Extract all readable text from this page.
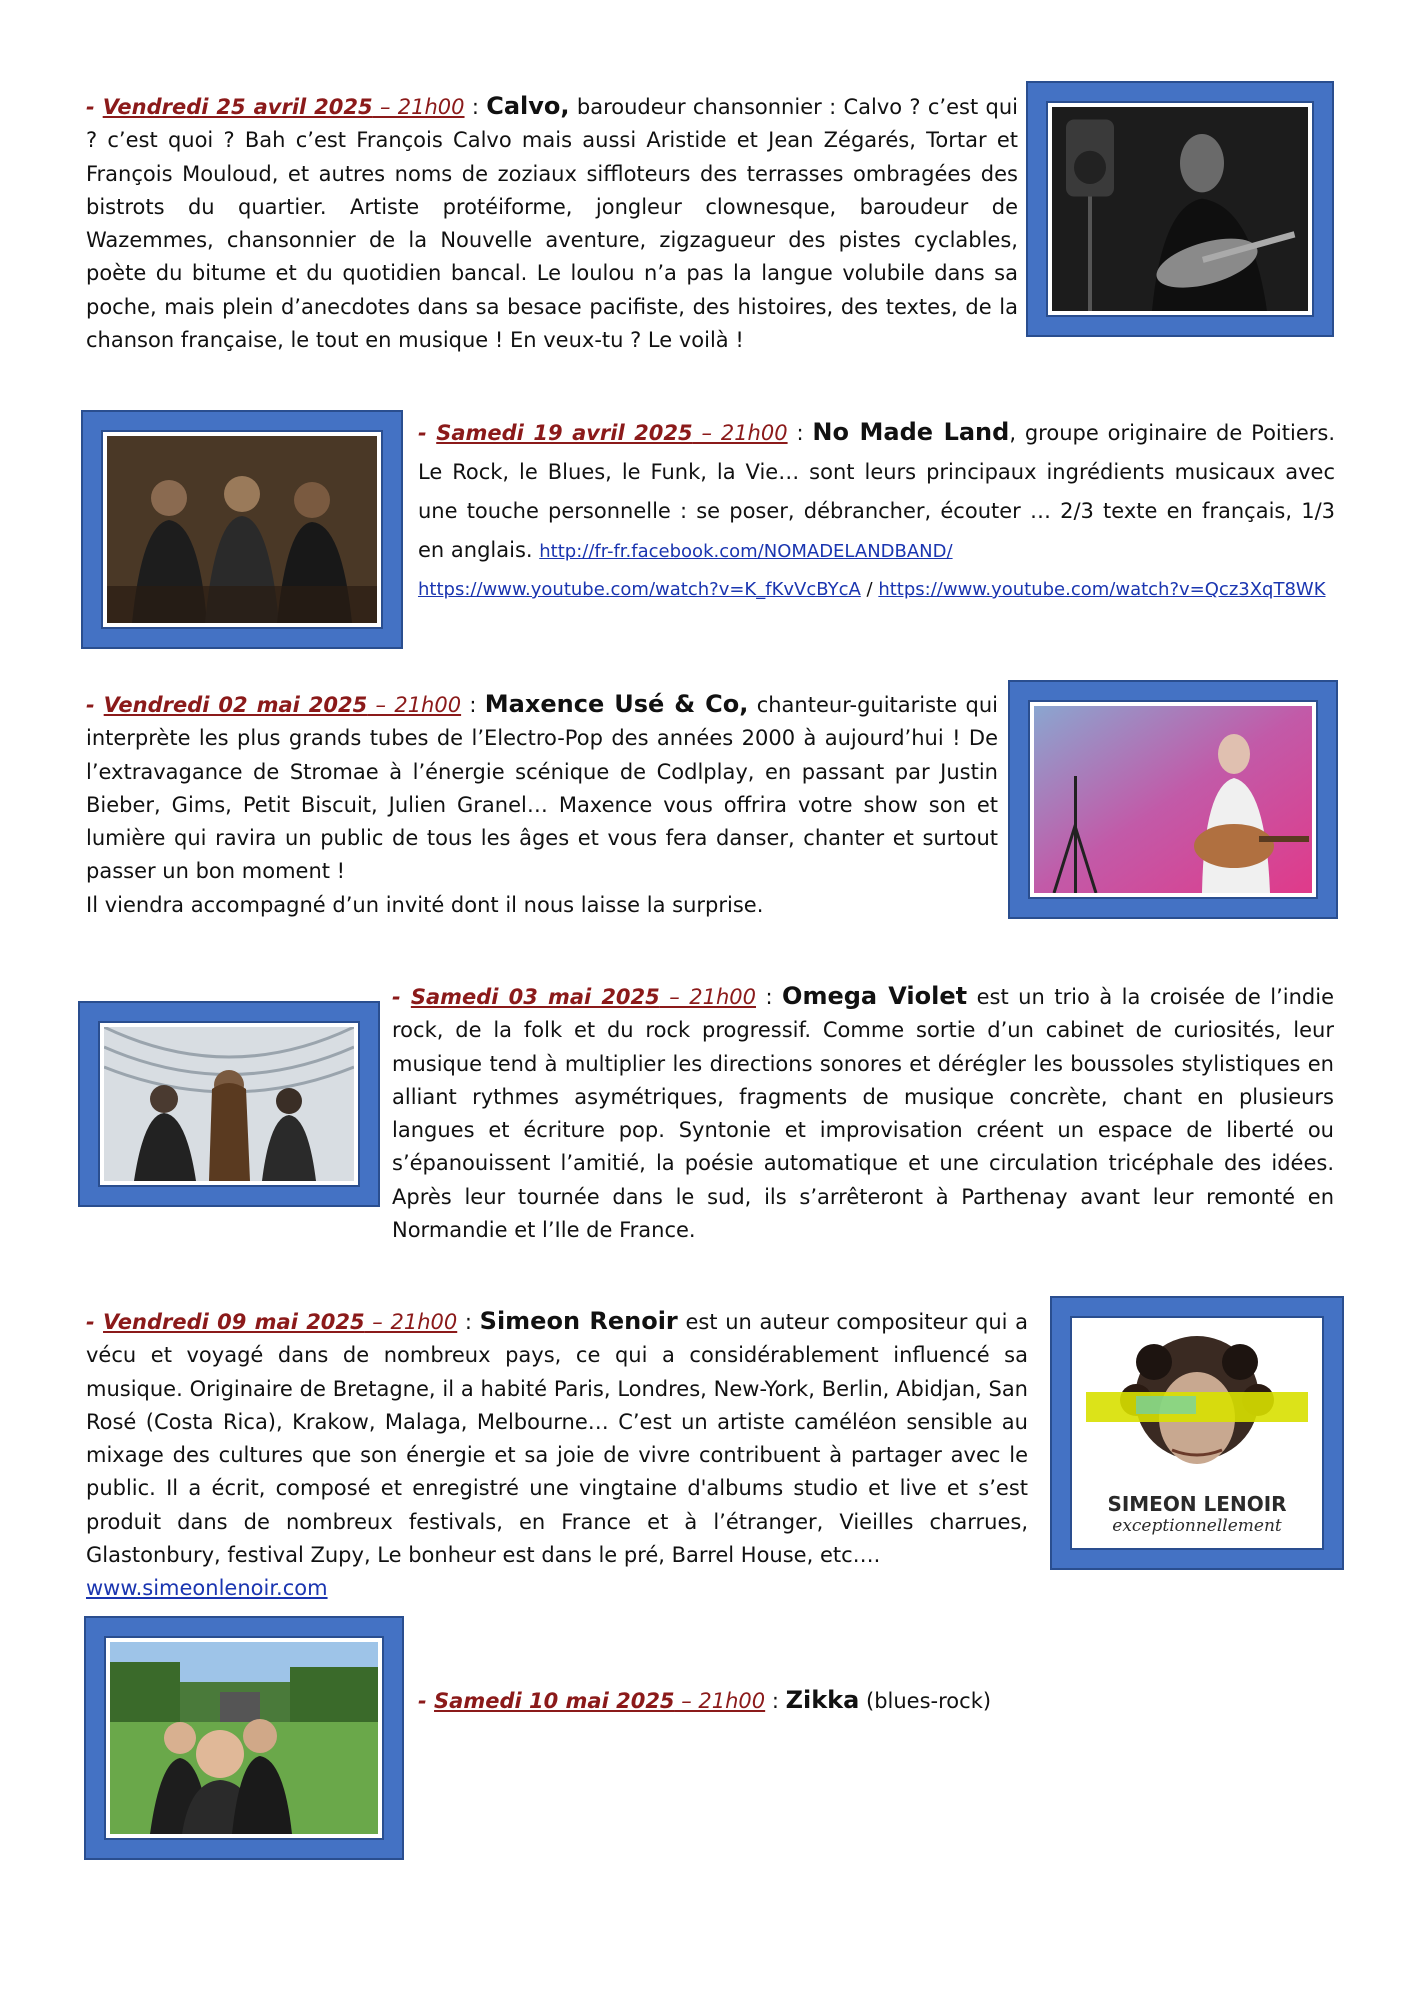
- Vendredi 25 avril 2025 – 21h00 : Calvo, baroudeur chansonnier : Calvo ? c’est qui ? c’est quoi ? Bah c’est François Calvo mais aussi Aristide et Jean Zégarés, Tortar et François Mouloud, et autres noms de zoziaux siffloteurs des terrasses ombragées des bistrots du quartier. Artiste protéiforme, jongleur clownesque, baroudeur de Wazemmes, chansonnier de la Nouvelle aventure, zigzagueur des pistes cyclables, poète du bitume et du quotidien bancal. Le loulou n’a pas la langue volubile dans sa poche, mais plein d’anecdotes dans sa besace pacifiste, des histoires, des textes, de la chanson française, le tout en musique ! En veux-tu ? Le voilà !

- Samedi 19 avril 2025 – 21h00 : No Made Land, groupe originaire de Poitiers. Le Rock, le Blues, le Funk, la Vie… sont leurs principaux ingrédients musicaux avec une touche personnelle : se poser, débrancher, écouter … 2/3 texte en français, 1/3 en anglais. http://fr-fr.facebook.com/NOMADELANDBAND/

https://www.youtube.com/watch?v=K_fKvVcBYcA / https://www.youtube.com/watch?v=Qcz3XqT8WK

- Vendredi 02 mai 2025 – 21h00 : Maxence Usé & Co, chanteur-guitariste qui interprète les plus grands tubes de l’Electro-Pop des années 2000 à aujourd’hui ! De l’extravagance de Stromae à l’énergie scénique de Codlplay, en passant par Justin Bieber, Gims, Petit Biscuit, Julien Granel… Maxence vous offrira votre show son et lumière qui ravira un public de tous les âges et vous fera danser, chanter et surtout passer un bon moment !

Il viendra accompagné d’un invité dont il nous laisse la surprise.

- Samedi 03 mai 2025 – 21h00 : Omega Violet est un trio à la croisée de l’indie rock, de la folk et du rock progressif. Comme sortie d’un cabinet de curiosités, leur musique tend à multiplier les directions sonores et dérégler les boussoles stylistiques en alliant rythmes asymétriques, fragments de musique concrète, chant en plusieurs langues et écriture pop. Syntonie et improvisation créent un espace de liberté ou s’épanouissent l’amitié, la poésie automatique et une circulation tricéphale des idées. Après leur tournée dans le sud, ils s’arrêteront à Parthenay avant leur remonté en Normandie et l’Ile de France.

- Vendredi 09 mai 2025 – 21h00 : Simeon Renoir est un auteur compositeur qui a vécu et voyagé dans de nombreux pays, ce qui a considérablement influencé sa musique. Originaire de Bretagne, il a habité Paris, Londres, New-York, Berlin, Abidjan, San Rosé (Costa Rica), Krakow, Malaga, Melbourne… C’est un artiste caméléon sensible au mixage des cultures que son énergie et sa joie de vivre contribuent à partager avec le public. Il a écrit, composé et enregistré une vingtaine d'albums studio et live et s’est produit dans de nombreux festivals, en France et à l’étranger, Vieilles charrues, Glastonbury, festival Zupy, Le bonheur est dans le pré, Barrel House, etc….

www.simeonlenoir.com

SIMEON LENOIR
exceptionnellement

- Samedi 10 mai 2025 – 21h00 : Zikka (blues-rock)
